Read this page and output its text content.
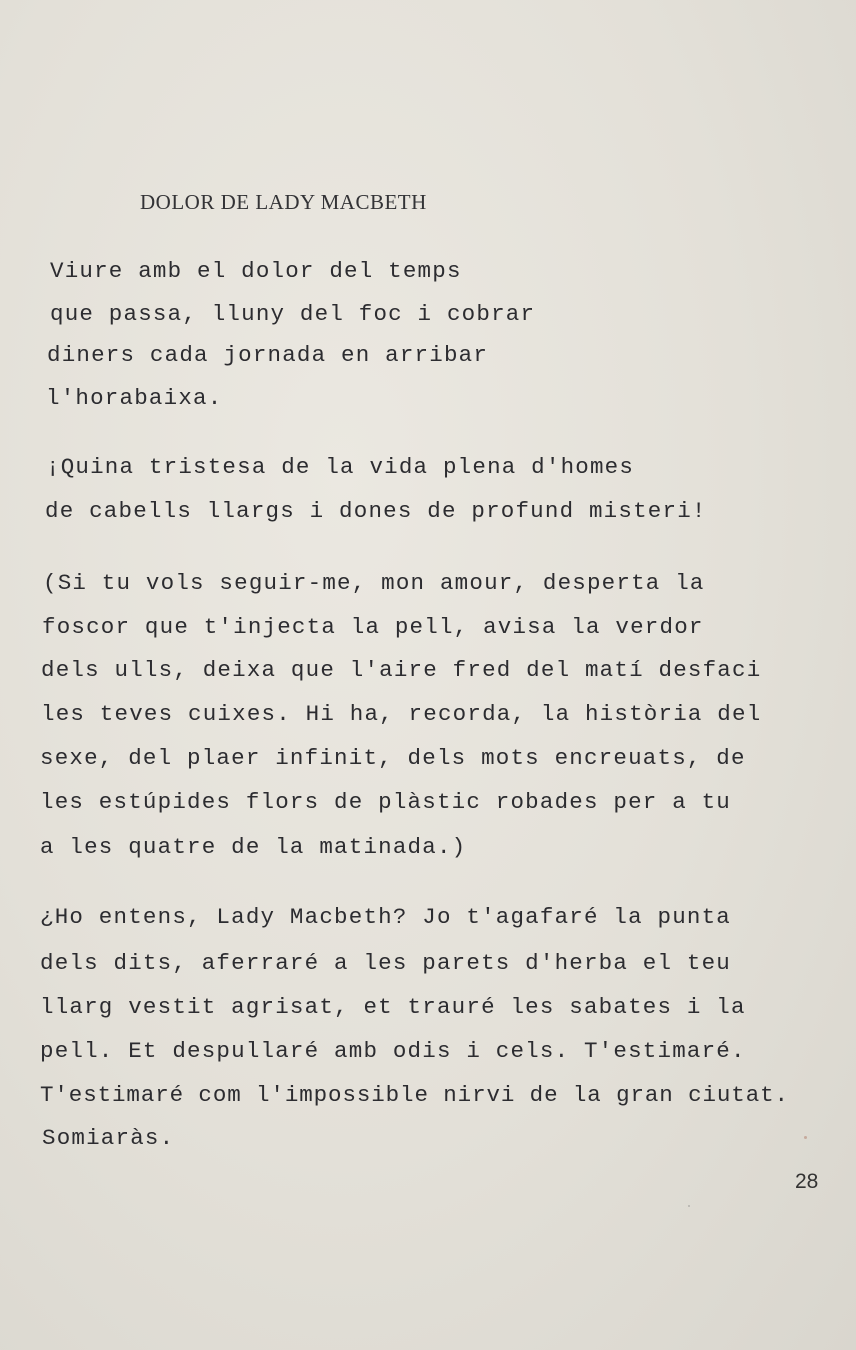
DOLOR DE LADY MACBETH
Viure amb el dolor del temps
que passa, lluny del foc i cobrar
diners cada jornada en arribar
l'horabaixa.
¡Quina tristesa de la vida plena d'homes
de cabells llargs i dones de profund misteri!
(Si tu vols seguir-me, mon amour, desperta la
foscor que t'injecta la pell, avisa la verdor
dels ulls, deixa que l'aire fred del matí desfaci
les teves cuixes. Hi ha, recorda, la història del
sexe, del plaer infinit, dels mots encreuats, de
les estúpides flors de plàstic robades per a tu
a les quatre de la matinada.)
¿Ho entens, Lady Macbeth? Jo t'agafaré la punta
dels dits, aferraré a les parets d'herba el teu
llarg vestit agrisat, et trauré les sabates i la
pell. Et despullaré amb odis i cels. T'estimaré.
T'estimaré com l'impossible nirvi de la gran ciutat.
Somiaràs.
28
